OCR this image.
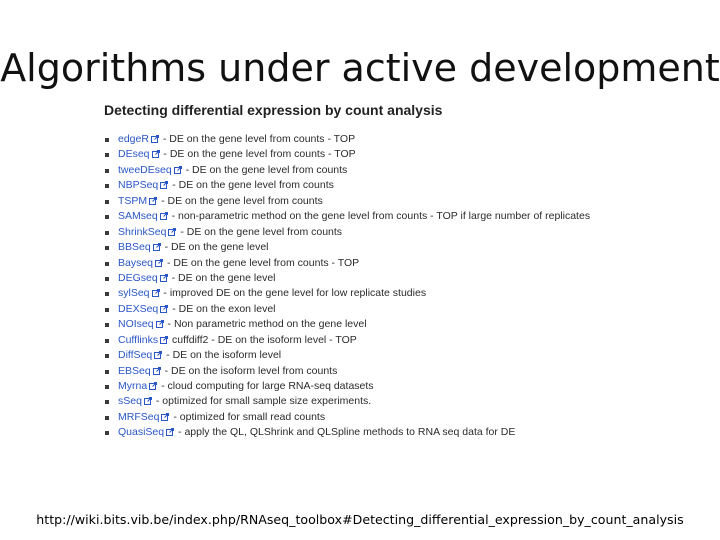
Algorithms under active development
Detecting differential expression by count analysis
edgeR - DE on the gene level from counts - TOP
DEseq - DE on the gene level from counts - TOP
tweeDEseq - DE on the gene level from counts
NBPSeq - DE on the gene level from counts
TSPM - DE on the gene level from counts
SAMseq - non-parametric method on the gene level from counts - TOP if large number of replicates
ShrinkSeq - DE on the gene level from counts
BBSeq - DE on the gene level
Bayseq - DE on the gene level from counts - TOP
DEGseq - DE on the gene level
sylSeq - improved DE on the gene level for low replicate studies
DEXSeq - DE on the exon level
NOIseq - Non parametric method on the gene level
Cufflinks cuffdiff2 - DE on the isoform level - TOP
DiffSeq - DE on the isoform level
EBSeq - DE on the isoform level from counts
Myrna - cloud computing for large RNA-seq datasets
sSeq - optimized for small sample size experiments.
MRFSeq - optimized for small read counts
QuasiSeq - apply the QL, QLShrink and QLSpline methods to RNA seq data for DE
http://wiki.bits.vib.be/index.php/RNAseq_toolbox#Detecting_differential_expression_by_count_analysis
